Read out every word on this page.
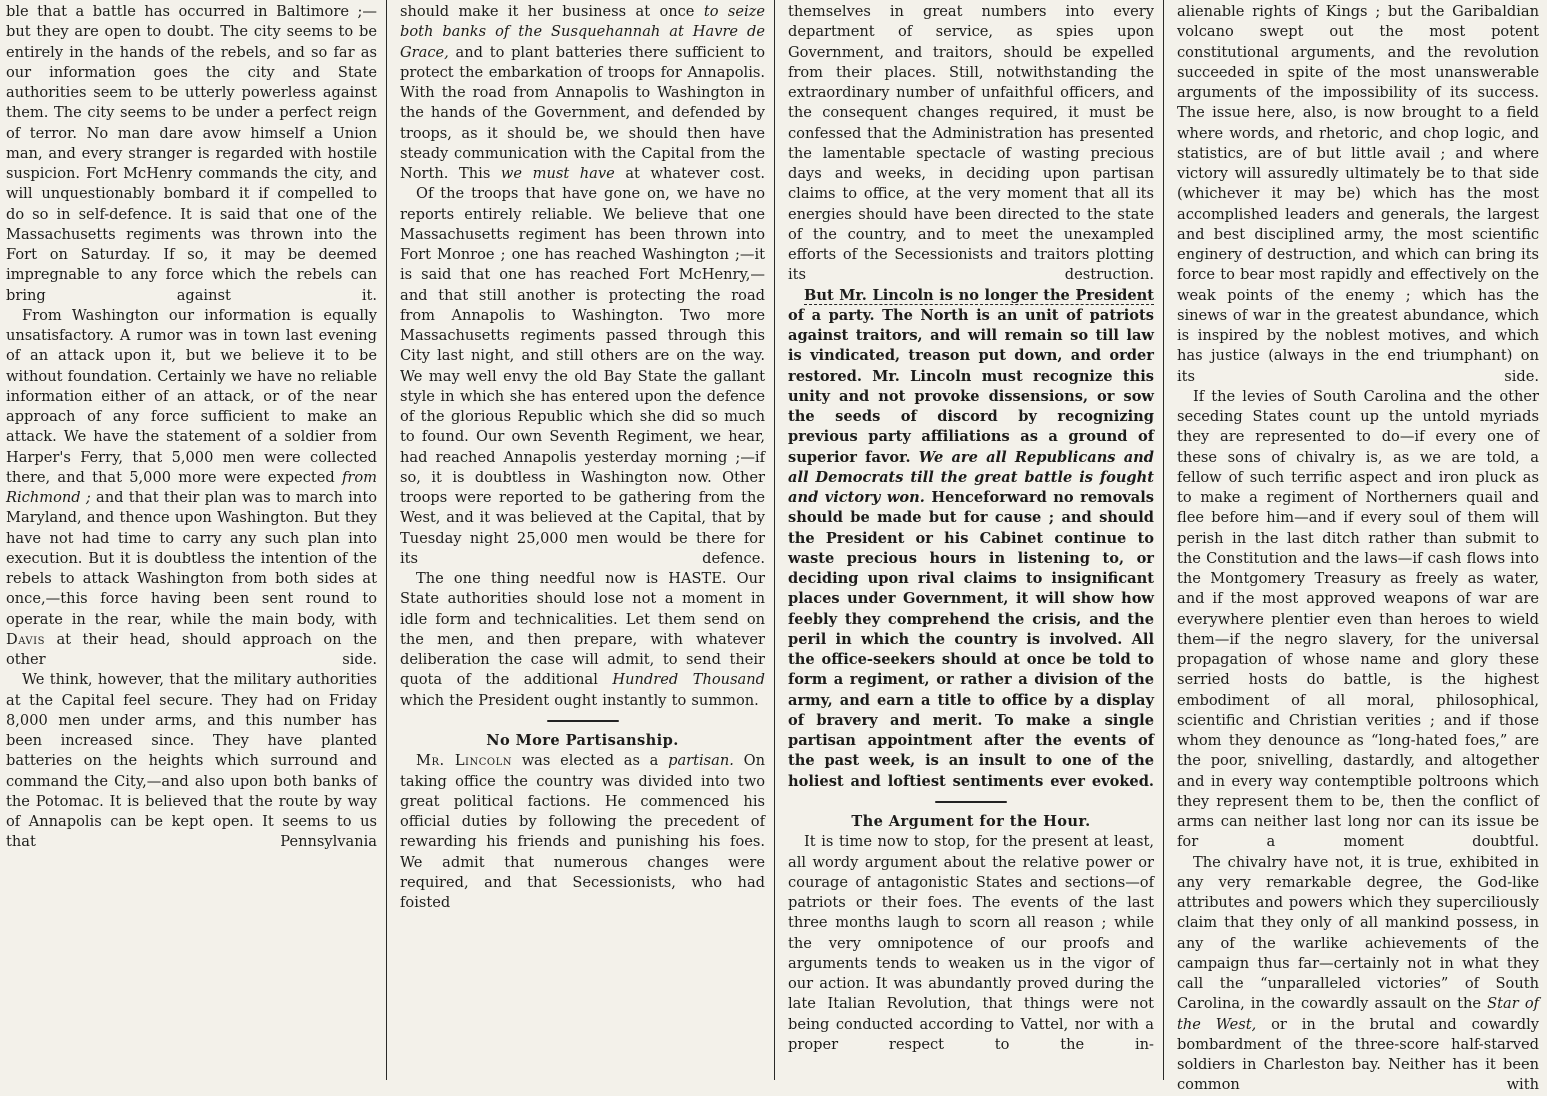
ble that a battle has occurred in Baltimore ;— but they are open to doubt. The city seems to be entirely in the hands of the rebels, and so far as our information goes the city and State authorities seem to be utterly powerless against them. The city seems to be under a perfect reign of terror. No man dare avow himself a Union man, and every stranger is regarded with hostile suspicion. Fort McHenry commands the city, and will unquestionably bombard it if compelled to do so in self-defence. It is said that one of the Massachusetts regiments was thrown into the Fort on Saturday. If so, it may be deemed impregnable to any force which the rebels can bring against it.

From Washington our information is equally unsatisfactory. A rumor was in town last evening of an attack upon it, but we believe it to be without foundation. Certainly we have no reliable information either of an attack, or of the near approach of any force sufficient to make an attack. We have the statement of a soldier from Harper's Ferry, that 5,000 men were collected there, and that 5,000 more were expected from Richmond ; and that their plan was to march into Maryland, and thence upon Washington. But they have not had time to carry any such plan into execution. But it is doubtless the intention of the rebels to attack Washington from both sides at once,—this force having been sent round to operate in the rear, while the main body, with Davis at their head, should approach on the other side.

We think, however, that the military authorities at the Capital feel secure. They had on Friday 8,000 men under arms, and this number has been increased since. They have planted batteries on the heights which surround and command the City,—and also upon both banks of the Potomac. It is believed that the route by way of Annapolis can be kept open. It seems to us that Pennsylvania

should make it her business at once to seize both banks of the Susquehannah at Havre de Grace, and to plant batteries there sufficient to protect the embarkation of troops for Annapolis. With the road from Annapolis to Washington in the hands of the Government, and defended by troops, as it should be, we should then have steady communication with the Capital from the North. This we must have at whatever cost.

Of the troops that have gone on, we have no reports entirely reliable. We believe that one Massachusetts regiment has been thrown into Fort Monroe ; one has reached Washington ;—it is said that one has reached Fort McHenry,—and that still another is protecting the road from Annapolis to Washington. Two more Massachusetts regiments passed through this City last night, and still others are on the way. We may well envy the old Bay State the gallant style in which she has entered upon the defence of the glorious Republic which she did so much to found. Our own Seventh Regiment, we hear, had reached Annapolis yesterday morning ;—if so, it is doubtless in Washington now. Other troops were reported to be gathering from the West, and it was believed at the Capital, that by Tuesday night 25,000 men would be there for its defence.

The one thing needful now is HASTE. Our State authorities should lose not a moment in idle form and technicalities. Let them send on the men, and then prepare, with whatever deliberation the case will admit, to send their quota of the additional Hundred Thousand which the President ought instantly to summon.

No More Partisanship.

Mr. Lincoln was elected as a partisan. On taking office the country was divided into two great political factions. He commenced his official duties by following the precedent of rewarding his friends and punishing his foes. We admit that numerous changes were required, and that Secessionists, who had foisted

themselves in great numbers into every department of service, as spies upon Government, and traitors, should be expelled from their places. Still, notwithstanding the extraordinary number of unfaithful officers, and the consequent changes required, it must be confessed that the Administration has presented the lamentable spectacle of wasting precious days and weeks, in deciding upon partisan claims to office, at the very moment that all its energies should have been directed to the state of the country, and to meet the unexampled efforts of the Secessionists and traitors plotting its destruction.

But Mr. Lincoln is no longer the President of a party. The North is an unit of patriots against traitors, and will remain so till law is vindicated, treason put down, and order restored. Mr. Lincoln must recognize this unity and not provoke dissensions, or sow the seeds of discord by recognizing previous party affiliations as a ground of superior favor. We are all Republicans and all Democrats till the great battle is fought and victory won. Henceforward no removals should be made but for cause ; and should the President or his Cabinet continue to waste precious hours in listening to, or deciding upon rival claims to insignificant places under Government, it will show how feebly they comprehend the crisis, and the peril in which the country is involved. All the office-seekers should at once be told to form a regiment, or rather a division of the army, and earn a title to office by a display of bravery and merit. To make a single partisan appointment after the events of the past week, is an insult to one of the holiest and loftiest sentiments ever evoked.

The Argument for the Hour.

It is time now to stop, for the present at least, all wordy argument about the relative power or courage of antagonistic States and sections—of patriots or their foes. The events of the last three months laugh to scorn all reason ; while the very omnipotence of our proofs and arguments tends to weaken us in the vigor of our action. It was abundantly proved during the late Italian Revolution, that things were not being conducted according to Vattel, nor with a proper respect to the in-

alienable rights of Kings ; but the Garibaldian volcano swept out the most potent constitutional arguments, and the revolution succeeded in spite of the most unanswerable arguments of the impossibility of its success. The issue here, also, is now brought to a field where words, and rhetoric, and chop logic, and statistics, are of but little avail ; and where victory will assuredly ultimately be to that side (whichever it may be) which has the most accomplished leaders and generals, the largest and best disciplined army, the most scientific enginery of destruction, and which can bring its force to bear most rapidly and effectively on the weak points of the enemy ; which has the sinews of war in the greatest abundance, which is inspired by the noblest motives, and which has justice (always in the end triumphant) on its side.

If the levies of South Carolina and the other seceding States count up the untold myriads they are represented to do—if every one of these sons of chivalry is, as we are told, a fellow of such terrific aspect and iron pluck as to make a regiment of Northerners quail and flee before him—and if every soul of them will perish in the last ditch rather than submit to the Constitution and the laws—if cash flows into the Montgomery Treasury as freely as water, and if the most approved weapons of war are everywhere plentier even than heroes to wield them—if the negro slavery, for the universal propagation of whose name and glory these serried hosts do battle, is the highest embodiment of all moral, philosophical, scientific and Christian verities ; and if those whom they denounce as “long-hated foes,” are the poor, snivelling, dastardly, and altogether and in every way contemptible poltroons which they represent them to be, then the conflict of arms can neither last long nor can its issue be for a moment doubtful.

The chivalry have not, it is true, exhibited in any very remarkable degree, the God-like attributes and powers which they superciliously claim that they only of all mankind possess, in any of the warlike achievements of the campaign thus far—certainly not in what they call the “unparalleled victories” of South Carolina, in the cowardly assault on the Star of the West, or in the brutal and cowardly bombardment of the three-score half-starved soldiers in Charleston bay. Neither has it been common with
